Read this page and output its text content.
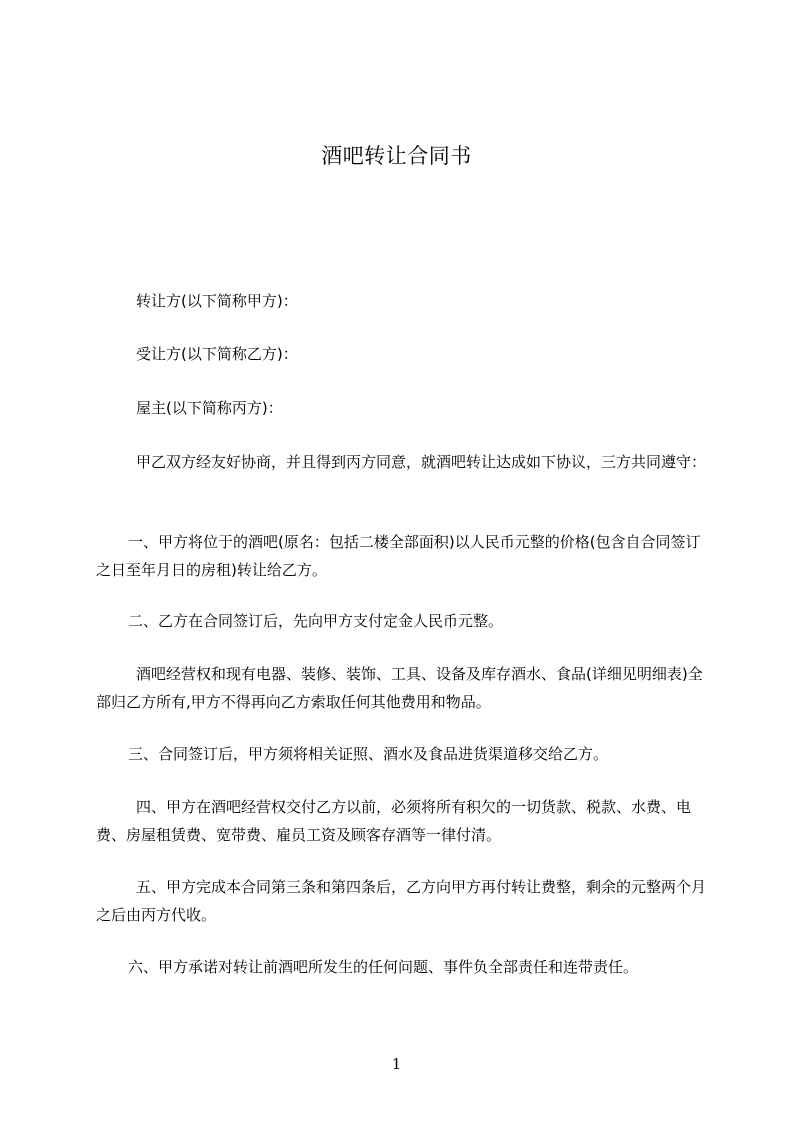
酒吧转让合同书

转让方(以下简称甲方)：

受让方(以下简称乙方)：

屋主(以下简称丙方)：

甲乙双方经友好协商，并且得到丙方同意，就酒吧转让达成如下协议，三方共同遵守：

一、甲方将位于的酒吧(原名：包括二楼全部面积)以人民币元整的价格(包含自合同签订之日至年月日的房租)转让给乙方。

二、乙方在合同签订后，先向甲方支付定金人民币元整。

酒吧经营权和现有电器、装修、装饰、工具、设备及库存酒水、食品(详细见明细表)全部归乙方所有,甲方不得再向乙方索取任何其他费用和物品。

三、合同签订后，甲方须将相关证照、酒水及食品进货渠道移交给乙方。

四、甲方在酒吧经营权交付乙方以前，必须将所有积欠的一切货款、税款、水费、电费、房屋租赁费、宽带费、雇员工资及顾客存酒等一律付清。

五、甲方完成本合同第三条和第四条后，乙方向甲方再付转让费整，剩余的元整两个月之后由丙方代收。

六、甲方承诺对转让前酒吧所发生的任何问题、事件负全部责任和连带责任。

1
